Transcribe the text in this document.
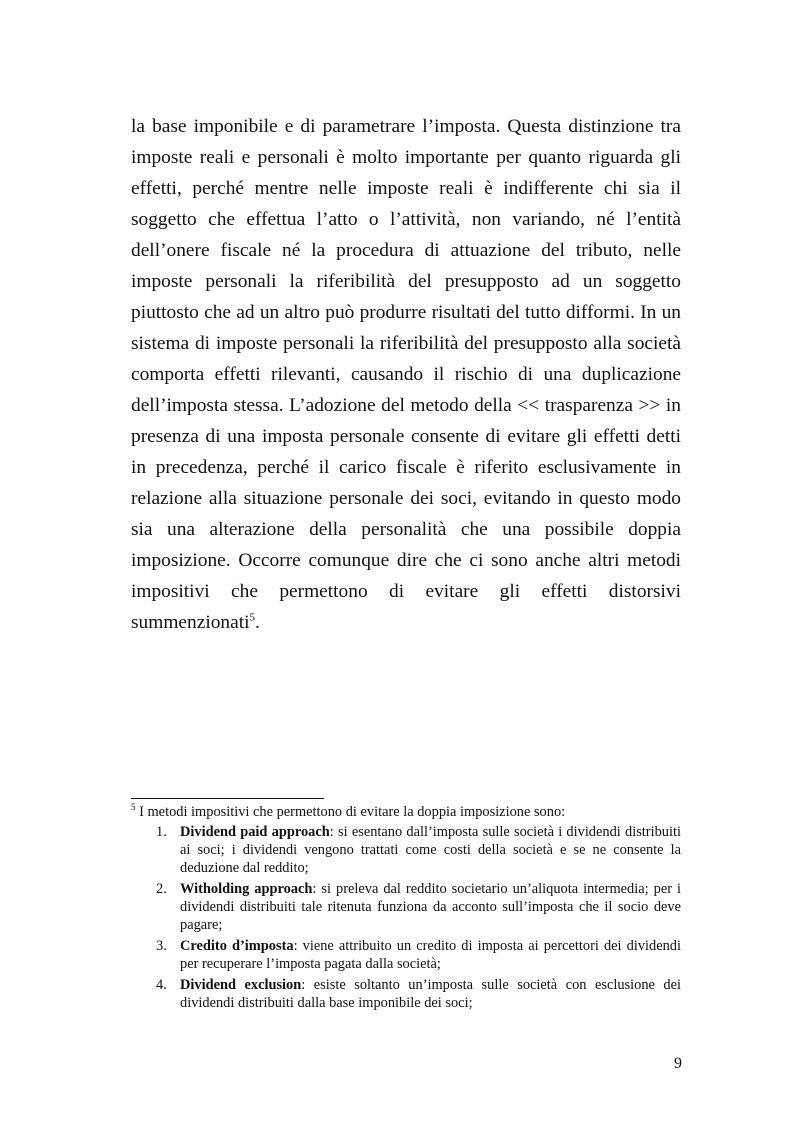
la base imponibile e di parametrare l’imposta. Questa distinzione tra imposte reali e personali è molto importante per quanto riguarda gli effetti, perché mentre nelle imposte reali è indifferente chi sia il soggetto che effettua l’atto o l’attività, non variando, né l’entità dell’onere fiscale né la procedura di attuazione del tributo, nelle imposte personali la riferibilità del presupposto ad un soggetto piuttosto che ad un altro può produrre risultati del tutto difformi. In un sistema di imposte personali la riferibilità del presupposto alla società comporta effetti rilevanti, causando il rischio di una duplicazione dell’imposta stessa. L’adozione del metodo della << trasparenza >> in presenza di una imposta personale consente di evitare gli effetti detti in precedenza, perché il carico fiscale è riferito esclusivamente in relazione alla situazione personale dei soci, evitando in questo modo sia una alterazione della personalità che una possibile doppia imposizione. Occorre comunque dire che ci sono anche altri metodi impositivi che permettono di evitare gli effetti distorsivi summenzionati$^5$.

$^5$ I metodi impositivi che permettono di evitare la doppia imposizione sono:

1. Dividend paid approach: si esentano dall’imposta sulle società i dividendi distribuiti ai soci; i dividendi vengono trattati come costi della società e se ne consente la deduzione dal reddito;
2. Witholding approach: si preleva dal reddito societario un’aliquota intermedia; per i dividendi distribuiti tale ritenuta funziona da acconto sull’imposta che il socio deve pagare;
3. Credito d’imposta: viene attribuito un credito di imposta ai percettori dei dividendi per recuperare l’imposta pagata dalla società;
4. Dividend exclusion: esiste soltanto un’imposta sulle società con esclusione dei dividendi distribuiti dalla base imponibile dei soci;
9
